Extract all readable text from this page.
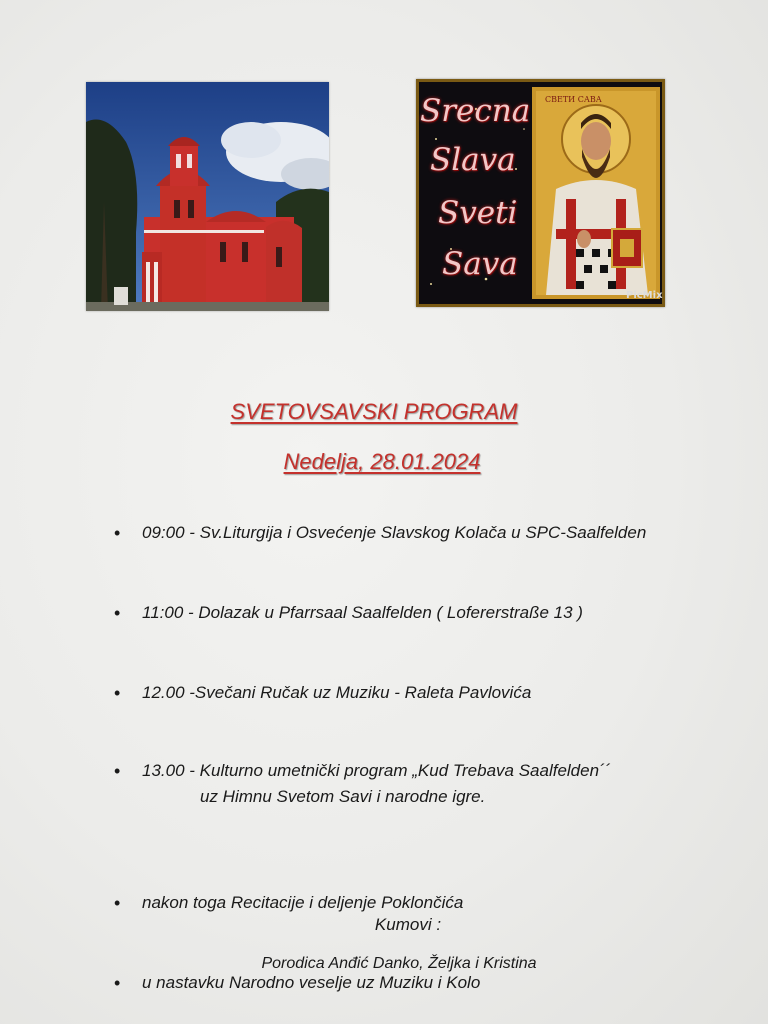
Srecna
Slava
Sveti
Sava
СВЕТИ САВА
PicMix
SVETOVSAVSKI PROGRAM
Nedelja, 28.01.2024
• 09:00 - Sv.Liturgija i Osvećenje Slavskog Kolača u SPC-Saalfelden
• 11:00 - Dolazak u Pfarrsaal Saalfelden ( Lofererstraße 13 )
• 12.00 -Svečani Ručak uz Muziku - Raleta Pavlovića
• 13.00 - Kulturno umetnički program „Kud Trebava Saalfelden´´
uz Himnu Svetom Savi i narodne igre.
• nakon toga Recitacije i deljenje Poklončića
• u nastavku Narodno veselje uz Muziku i Kolo
Kumovi :
Porodica Anđić Danko, Željka i Kristina
